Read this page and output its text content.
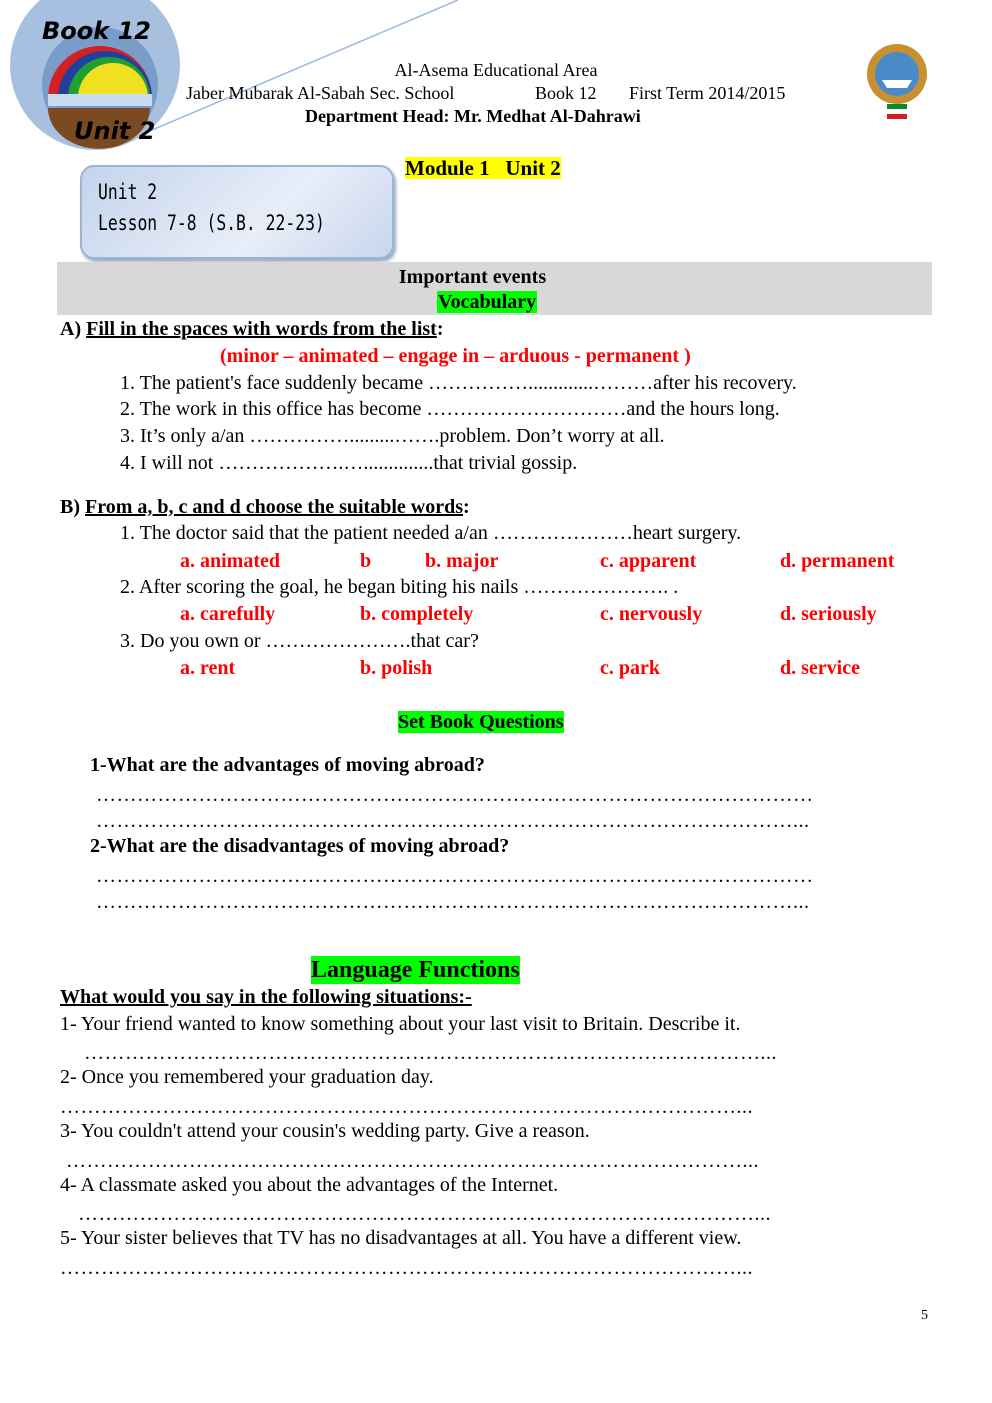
Book 12
Unit 2
Al-Asema Educational Area
Jaber Mubarak Al-Sabah Sec. School	Book 12 First Term 2014/2015
Department Head: Mr. Medhat Al-Dahrawi
Module 1 Unit 2
Unit 2
Lesson 7-8 (S.B. 22-23)
Important events
Vocabulary
A) Fill in the spaces with words from the list:
(minor – animated – engage in – arduous - permanent )
1. The patient's face suddenly became …………….............………after his recovery.
2. The work in this office has become …………………………and the hours long.
3. It’s only a/an …………….........…….problem. Don’t worry at all.
4. I will not ……………….…..............that trivial gossip.
B) From a, b, c and d choose the suitable words:
1. The doctor said that the patient needed a/an …………………heart surgery.
a. animated	b	b. major	c. apparent	d. permanent
2. After scoring the goal, he began biting his nails …………………. .
a. carefully	b. completely	c. nervously	d. seriously
3. Do you own or ………………….that car?
a. rent	b. polish	c. park	d. service
Set Book Questions
1-What are the advantages of moving abroad?
……………………………………………………………………………………………
…………………………………………………………………………………………...
2-What are the disadvantages of moving abroad?
……………………………………………………………………………………………
…………………………………………………………………………………………...
Language Functions
What would you say in the following situations:-
1- Your friend wanted to know something about your last visit to Britain. Describe it.
………………………………………………………………………………………...
2- Once you remembered your graduation day.
………………………………………………………………………………………...
3- You couldn't attend your cousin's wedding party. Give a reason.
………………………………………………………………………………………...
4- A classmate asked you about the advantages of the Internet.
………………………………………………………………………………………...
5- Your sister believes that TV has no disadvantages at all. You have a different view.
………………………………………………………………………………………...
5
